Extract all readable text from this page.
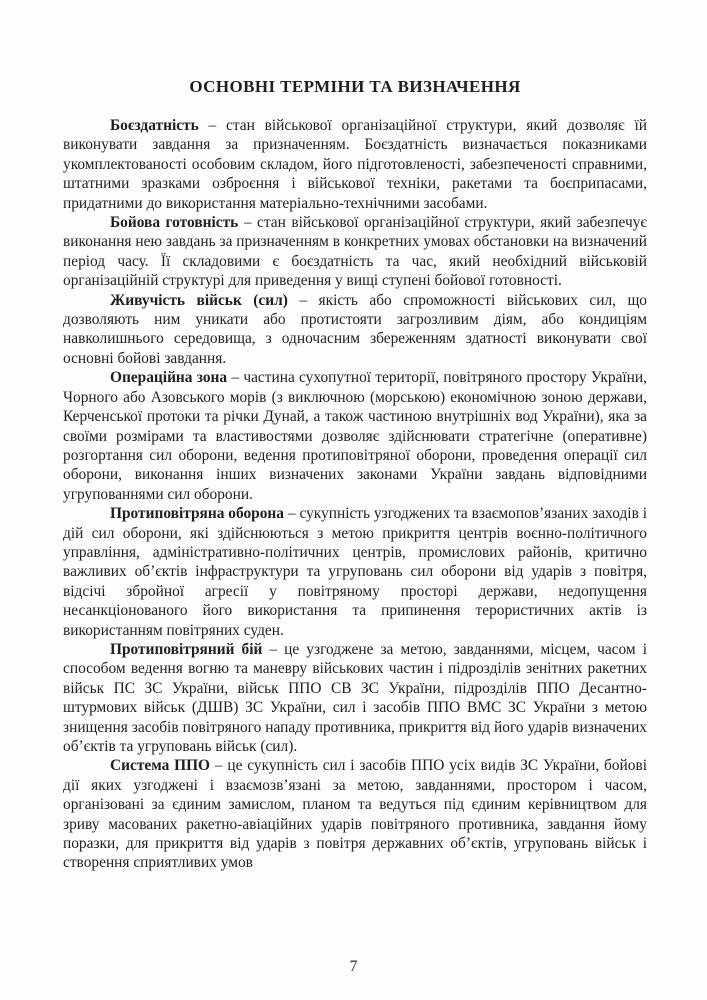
ОСНОВНІ ТЕРМІНИ ТА ВИЗНАЧЕННЯ

Боєздатність – стан військової організаційної структури, який дозволяє їй виконувати завдання за призначенням. Боєздатність визначається показниками укомплектованості особовим складом, його підготовленості, забезпеченості справними, штатними зразками озброєння і військової техніки, ракетами та боєприпасами, придатними до використання матеріально-технічними засобами.

Бойова готовність – стан військової організаційної структури, який забезпечує виконання нею завдань за призначенням в конкретних умовах обстановки на визначений період часу. Її складовими є боєздатність та час, який необхідний військовій організаційній структурі для приведення у вищі ступені бойової готовності.

Живучість військ (сил) – якість або спроможності військових сил, що дозволяють ним уникати або протистояти загрозливим діям, або кондиціям навколишнього середовища, з одночасним збереженням здатності виконувати свої основні бойові завдання.

Операційна зона – частина сухопутної території, повітряного простору України, Чорного або Азовського морів (з виключною (морською) економічною зоною держави, Керченської протоки та річки Дунай, а також частиною внутрішніх вод України), яка за своїми розмірами та властивостями дозволяє здійснювати стратегічне (оперативне) розгортання сил оборони, ведення протиповітряної оборони, проведення операції сил оборони, виконання інших визначених законами України завдань відповідними угрупованнями сил оборони.

Протиповітряна оборона – сукупність узгоджених та взаємопов’язаних заходів і дій сил оборони, які здійснюються з метою прикриття центрів воєнно-політичного управління, адміністративно-політичних центрів, промислових районів, критично важливих об’єктів інфраструктури та угруповань сил оборони від ударів з повітря, відсічі збройної агресії у повітряному просторі держави, недопущення несанкціонованого його використання та припинення терористичних актів із використанням повітряних суден.

Протиповітряний бій – це узгоджене за метою, завданнями, місцем, часом і способом ведення вогню та маневру військових частин і підрозділів зенітних ракетних військ ПС ЗС України, військ ППО СВ ЗС України, підрозділів ППО Десантно-штурмових військ (ДШВ) ЗС України, сил і засобів ППО ВМС ЗС України з метою знищення засобів повітряного нападу противника, прикриття від його ударів визначених об’єктів та угруповань військ (сил).

Система ППО – це сукупність сил і засобів ППО усіх видів ЗС України, бойові дії яких узгоджені і взаємозв’язані за метою, завданнями, простором і часом, організовані за єдиним замислом, планом та ведуться під єдиним керівництвом для зриву масованих ракетно-авіаційних ударів повітряного противника, завдання йому поразки, для прикриття від ударів з повітря державних об’єктів, угруповань військ і створення сприятливих умов

7
